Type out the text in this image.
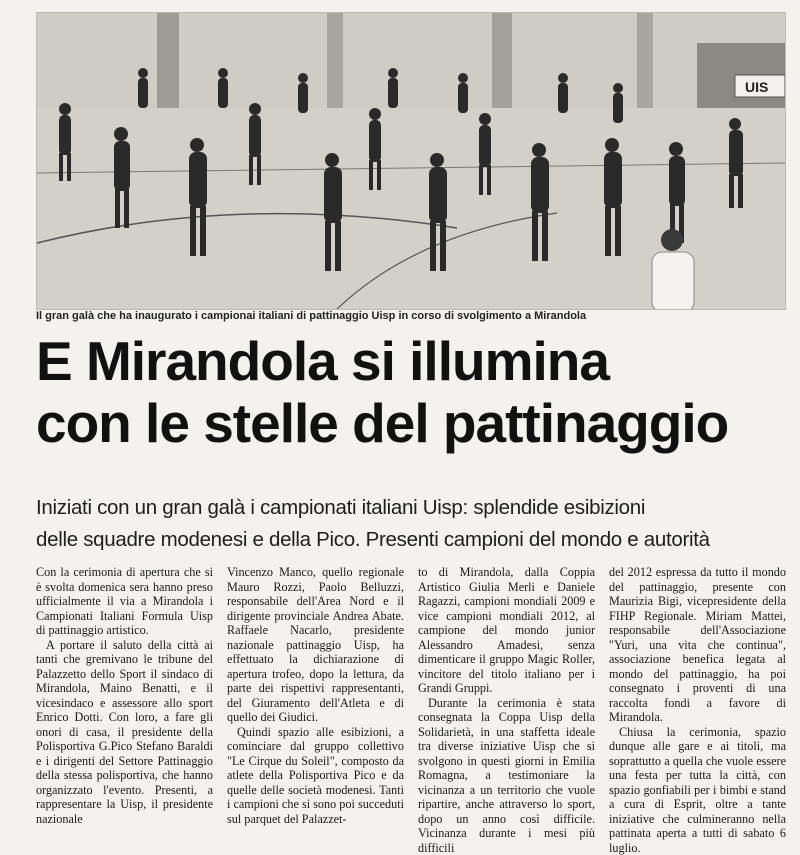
UIS
Il gran galà che ha inaugurato i campionai italiani di pattinaggio Uisp in corso di svolgimento a Mirandola
E Mirandola si illumina
con le stelle del pattinaggio
Iniziati con un gran galà i campionati italiani Uisp: splendide esibizioni
delle squadre modenesi e della Pico. Presenti campioni del mondo e autorità

Con la cerimonia di apertura che si è svolta domenica sera hanno preso ufficialmente il via a Mirandola i Campionati Italiani Formula Uisp di pattinaggio artistico.

A portare il saluto della città ai tanti che gremivano le tribune del Palazzetto dello Sport il sindaco di Mirandola, Maino Benatti, e il vicesindaco e assessore allo sport Enrico Dotti. Con loro, a fare gli onori di casa, il presidente della Polisportiva G.Pico Stefano Baraldi e i dirigenti del Settore Pattinaggio della stessa polisportiva, che hanno organizzato l'evento. Presenti, a rappresentare la Uisp, il presidente nazionale

Vincenzo Manco, quello regionale Mauro Rozzi, Paolo Belluzzi, responsabile dell'Area Nord e il dirigente provinciale Andrea Abate. Raffaele Nacarlo, presidente nazionale pattinaggio Uisp, ha effettuato la dichiarazione di apertura trofeo, dopo la lettura, da parte dei rispettivi rappresentanti, del Giuramento dell'Atleta e di quello dei Giudici.

Quindi spazio alle esibizioni, a cominciare dal gruppo collettivo "Le Cirque du Soleil", composto da atlete della Polisportiva Pico e da quelle delle società modenesi. Tanti i campioni che si sono poi succeduti sul parquet del Palazzet-

to di Mirandola, dalla Coppia Artistico Giulia Merli e Daniele Ragazzi, campioni mondiali 2009 e vice campioni mondiali 2012, al campione del mondo junior Alessandro Amadesi, senza dimenticare il gruppo Magic Roller, vincitore del titolo italiano per i Grandi Gruppi.

Durante la cerimonia è stata consegnata la Coppa Uisp della Solidarietà, in una staffetta ideale tra diverse iniziative Uisp che si svolgono in questi giorni in Emilia Romagna, a testimoniare la vicinanza a un territorio che vuole ripartire, anche attraverso lo sport, dopo un anno così difficile. Vicinanza durante i mesi più difficili

del 2012 espressa da tutto il mondo del pattinaggio, presente con Maurizia Bigi, vicepresidente della FIHP Regionale. Miriam Mattei, responsabile dell'Associazione "Yuri, una vita che continua", associazione benefica legata al mondo del pattinaggio, ha poi consegnato i proventi di una raccolta fondi a favore di Mirandola.

Chiusa la cerimonia, spazio dunque alle gare e ai titoli, ma soprattutto a quella che vuole essere una festa per tutta la città, con spazio gonfiabili per i bimbi e stand a cura di Esprit, oltre a tante iniziative che culmineranno nella pattinata aperta a tutti di sabato 6 luglio.
